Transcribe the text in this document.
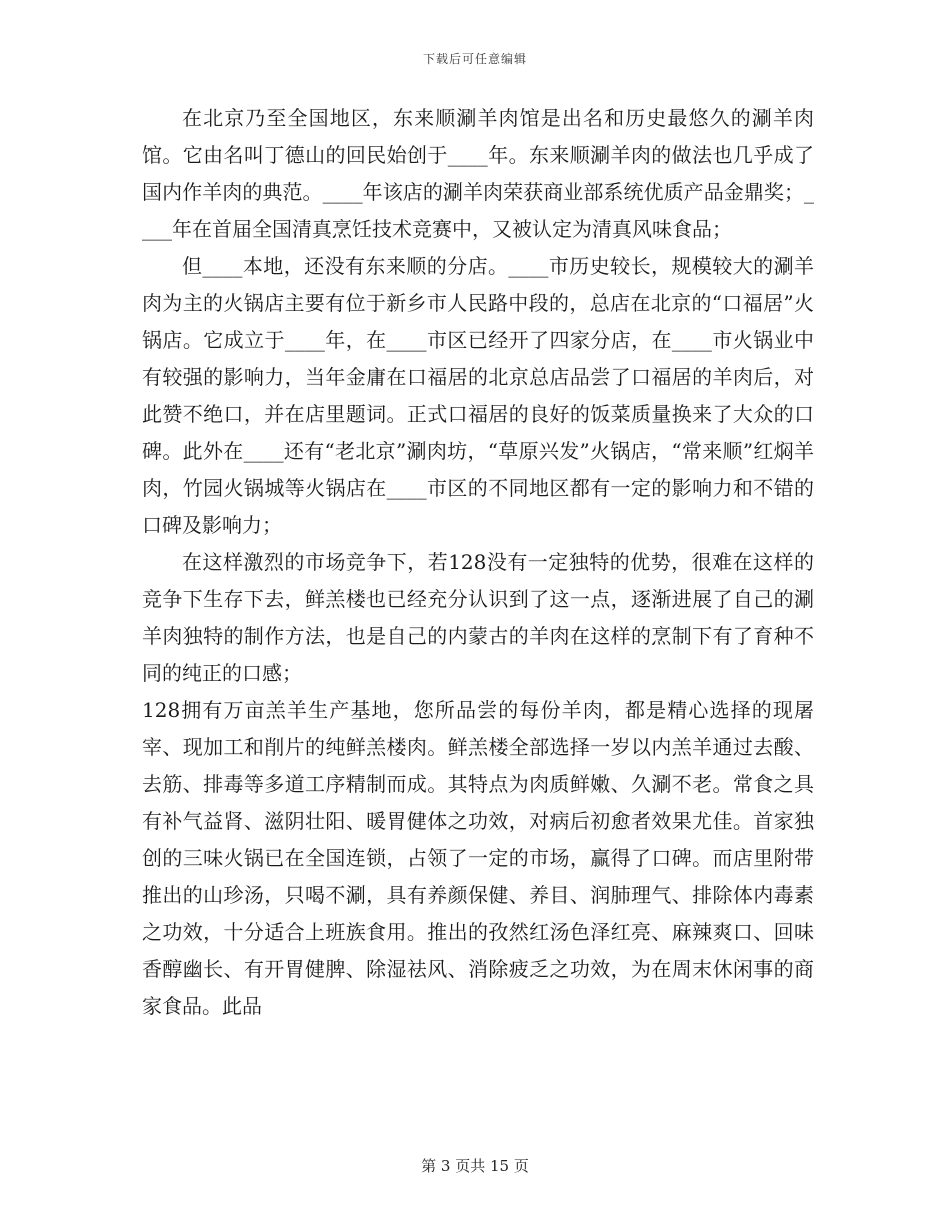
下载后可任意编辑

在北京乃至全国地区，东来顺涮羊肉馆是出名和历史最悠久的涮羊肉馆。它由名叫丁德山的回民始创于____年。东来顺涮羊肉的做法也几乎成了国内作羊肉的典范。____年该店的涮羊肉荣获商业部系统优质产品金鼎奖；____年在首届全国清真烹饪技术竞赛中，又被认定为清真风味食品；

但____本地，还没有东来顺的分店。____市历史较长，规模较大的涮羊肉为主的火锅店主要有位于新乡市人民路中段的，总店在北京的“口福居”火锅店。它成立于____年，在____市区已经开了四家分店，在____市火锅业中有较强的影响力，当年金庸在口福居的北京总店品尝了口福居的羊肉后，对此赞不绝口，并在店里题词。正式口福居的良好的饭菜质量换来了大众的口碑。此外在____还有“老北京”涮肉坊，“草原兴发”火锅店，“常来顺”红焖羊肉，竹园火锅城等火锅店在____市区的不同地区都有一定的影响力和不错的口碑及影响力；

在这样激烈的市场竞争下，若128没有一定独特的优势，很难在这样的竞争下生存下去，鲜羔楼也已经充分认识到了这一点，逐渐进展了自己的涮羊肉独特的制作方法，也是自己的内蒙古的羊肉在这样的烹制下有了育种不同的纯正的口感；

128拥有万亩羔羊生产基地，您所品尝的每份羊肉，都是精心选择的现屠宰、现加工和削片的纯鲜羔楼肉。鲜羔楼全部选择一岁以内羔羊通过去酸、去筋、排毒等多道工序精制而成。其特点为肉质鲜嫩、久涮不老。常食之具有补气益肾、滋阴壮阳、暖胃健体之功效，对病后初愈者效果尤佳。首家独创的三味火锅已在全国连锁，占领了一定的市场，赢得了口碑。而店里附带推出的山珍汤，只喝不涮，具有养颜保健、养目、润肺理气、排除体内毒素之功效，十分适合上班族食用。推出的孜然红汤色泽红亮、麻辣爽口、回味香醇幽长、有开胃健脾、除湿祛风、消除疲乏之功效，为在周末休闲事的商家食品。此品

第 3 页共 15 页
